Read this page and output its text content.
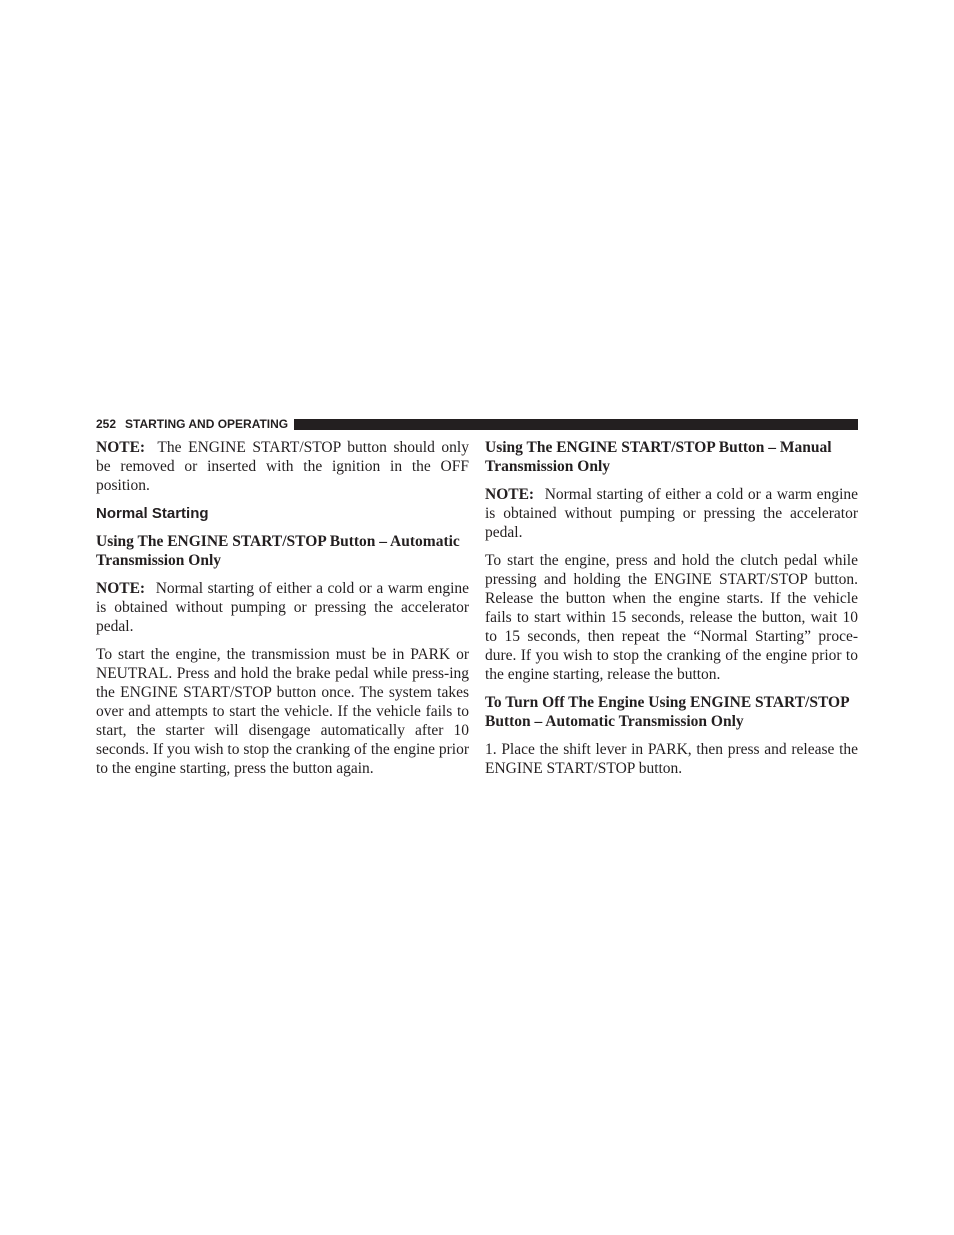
252 STARTING AND OPERATING

NOTE: The ENGINE START/STOP button should only be removed or inserted with the ignition in the OFF position.

Normal Starting
Using The ENGINE START/STOP Button – Automatic Transmission Only

NOTE: Normal starting of either a cold or a warm engine is obtained without pumping or pressing the accelerator pedal.

To start the engine, the transmission must be in PARK or NEUTRAL. Press and hold the brake pedal while press-ing the ENGINE START/STOP button once. The system takes over and attempts to start the vehicle. If the vehicle fails to start, the starter will disengage automatically after 10 seconds. If you wish to stop the cranking of the engine prior to the engine starting, press the button again.

Using The ENGINE START/STOP Button – Manual Transmission Only

NOTE: Normal starting of either a cold or a warm engine is obtained without pumping or pressing the accelerator pedal.

To start the engine, press and hold the clutch pedal while pressing and holding the ENGINE START/STOP button. Release the button when the engine starts. If the vehicle fails to start within 15 seconds, release the button, wait 10 to 15 seconds, then repeat the “Normal Starting” proce-dure. If you wish to stop the cranking of the engine prior to the engine starting, release the button.

To Turn Off The Engine Using ENGINE START/STOP Button – Automatic Transmission Only

1. Place the shift lever in PARK, then press and release the ENGINE START/STOP button.
